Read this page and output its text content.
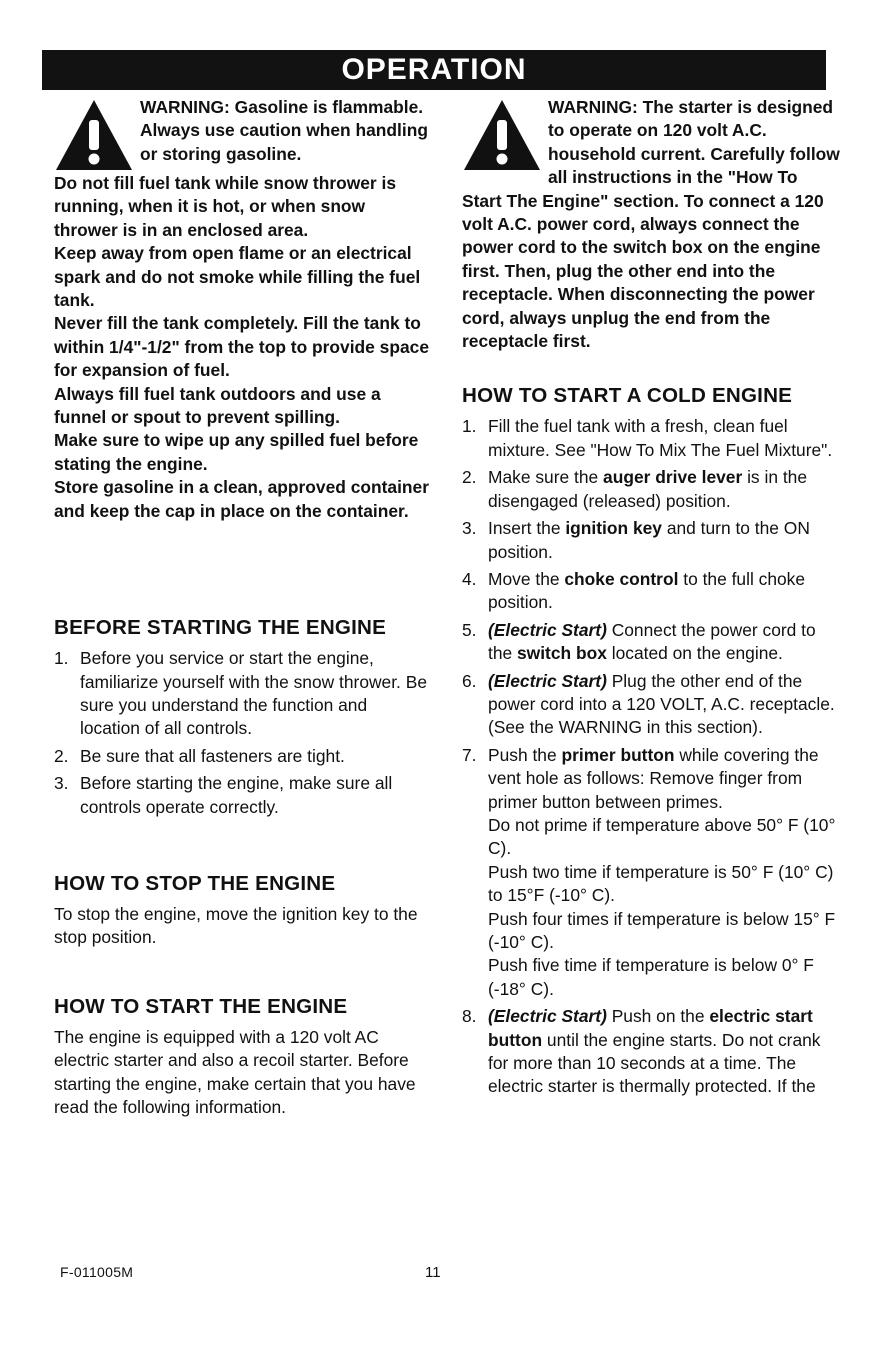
OPERATION

WARNING: Gasoline is flammable. Always use caution when handling or storing gasoline.

Do not fill fuel tank while snow thrower is running, when it is hot, or when snow thrower is in an enclosed area.

Keep away from open flame or an electrical spark and do not smoke while filling the fuel tank.

Never fill the tank completely. Fill the tank to within 1/4"-1/2" from the top to provide space for expansion of fuel.

Always fill fuel tank outdoors and use a funnel or spout to prevent spilling.

Make sure to wipe up any spilled fuel before stating the engine.

Store gasoline in a clean, approved container and keep the cap in place on the container.

BEFORE STARTING THE ENGINE
1. Before you service or start the engine, familiarize yourself with the snow thrower. Be sure you understand the function and location of all controls.
2. Be sure that all fasteners are tight.
3. Before starting the engine, make sure all controls operate correctly.
HOW TO STOP THE ENGINE

To stop the engine, move the ignition key to the stop position.

HOW TO START THE ENGINE

The engine is equipped with a 120 volt AC electric starter and also a recoil starter. Before starting the engine, make certain that you have read the following information.

WARNING: The starter is designed to operate on 120 volt A.C. household current. Carefully follow all instructions in the "How To Start The Engine" section. To connect a 120 volt A.C. power cord, always connect the power cord to the switch box on the engine first. Then, plug the other end into the receptacle. When disconnecting the power cord, always unplug the end from the receptacle first.

HOW TO START A COLD ENGINE
1. Fill the fuel tank with a fresh, clean fuel mixture. See "How To Mix The Fuel Mixture".
2. Make sure the auger drive lever is in the disengaged (released) position.
3. Insert the ignition key and turn to the ON position.
4. Move the choke control to the full choke position.
5. (Electric Start) Connect the power cord to the switch box located on the engine.
6. (Electric Start) Plug the other end of the power cord into a 120 VOLT, A.C. receptacle. (See the WARNING in this section).
7. Push the primer button while covering the vent hole as follows: Remove finger from primer button between primes.
Do not prime if temperature above 50° F (10° C).
Push two time if temperature is 50° F (10° C) to 15°F (-10° C).
Push four times if temperature is below 15° F (-10° C).
Push five time if temperature is below 0° F (-18° C).
8. (Electric Start) Push on the electric start button until the engine starts. Do not crank for more than 10 seconds at a time. The electric starter is thermally protected. If the
F-011005M	11
